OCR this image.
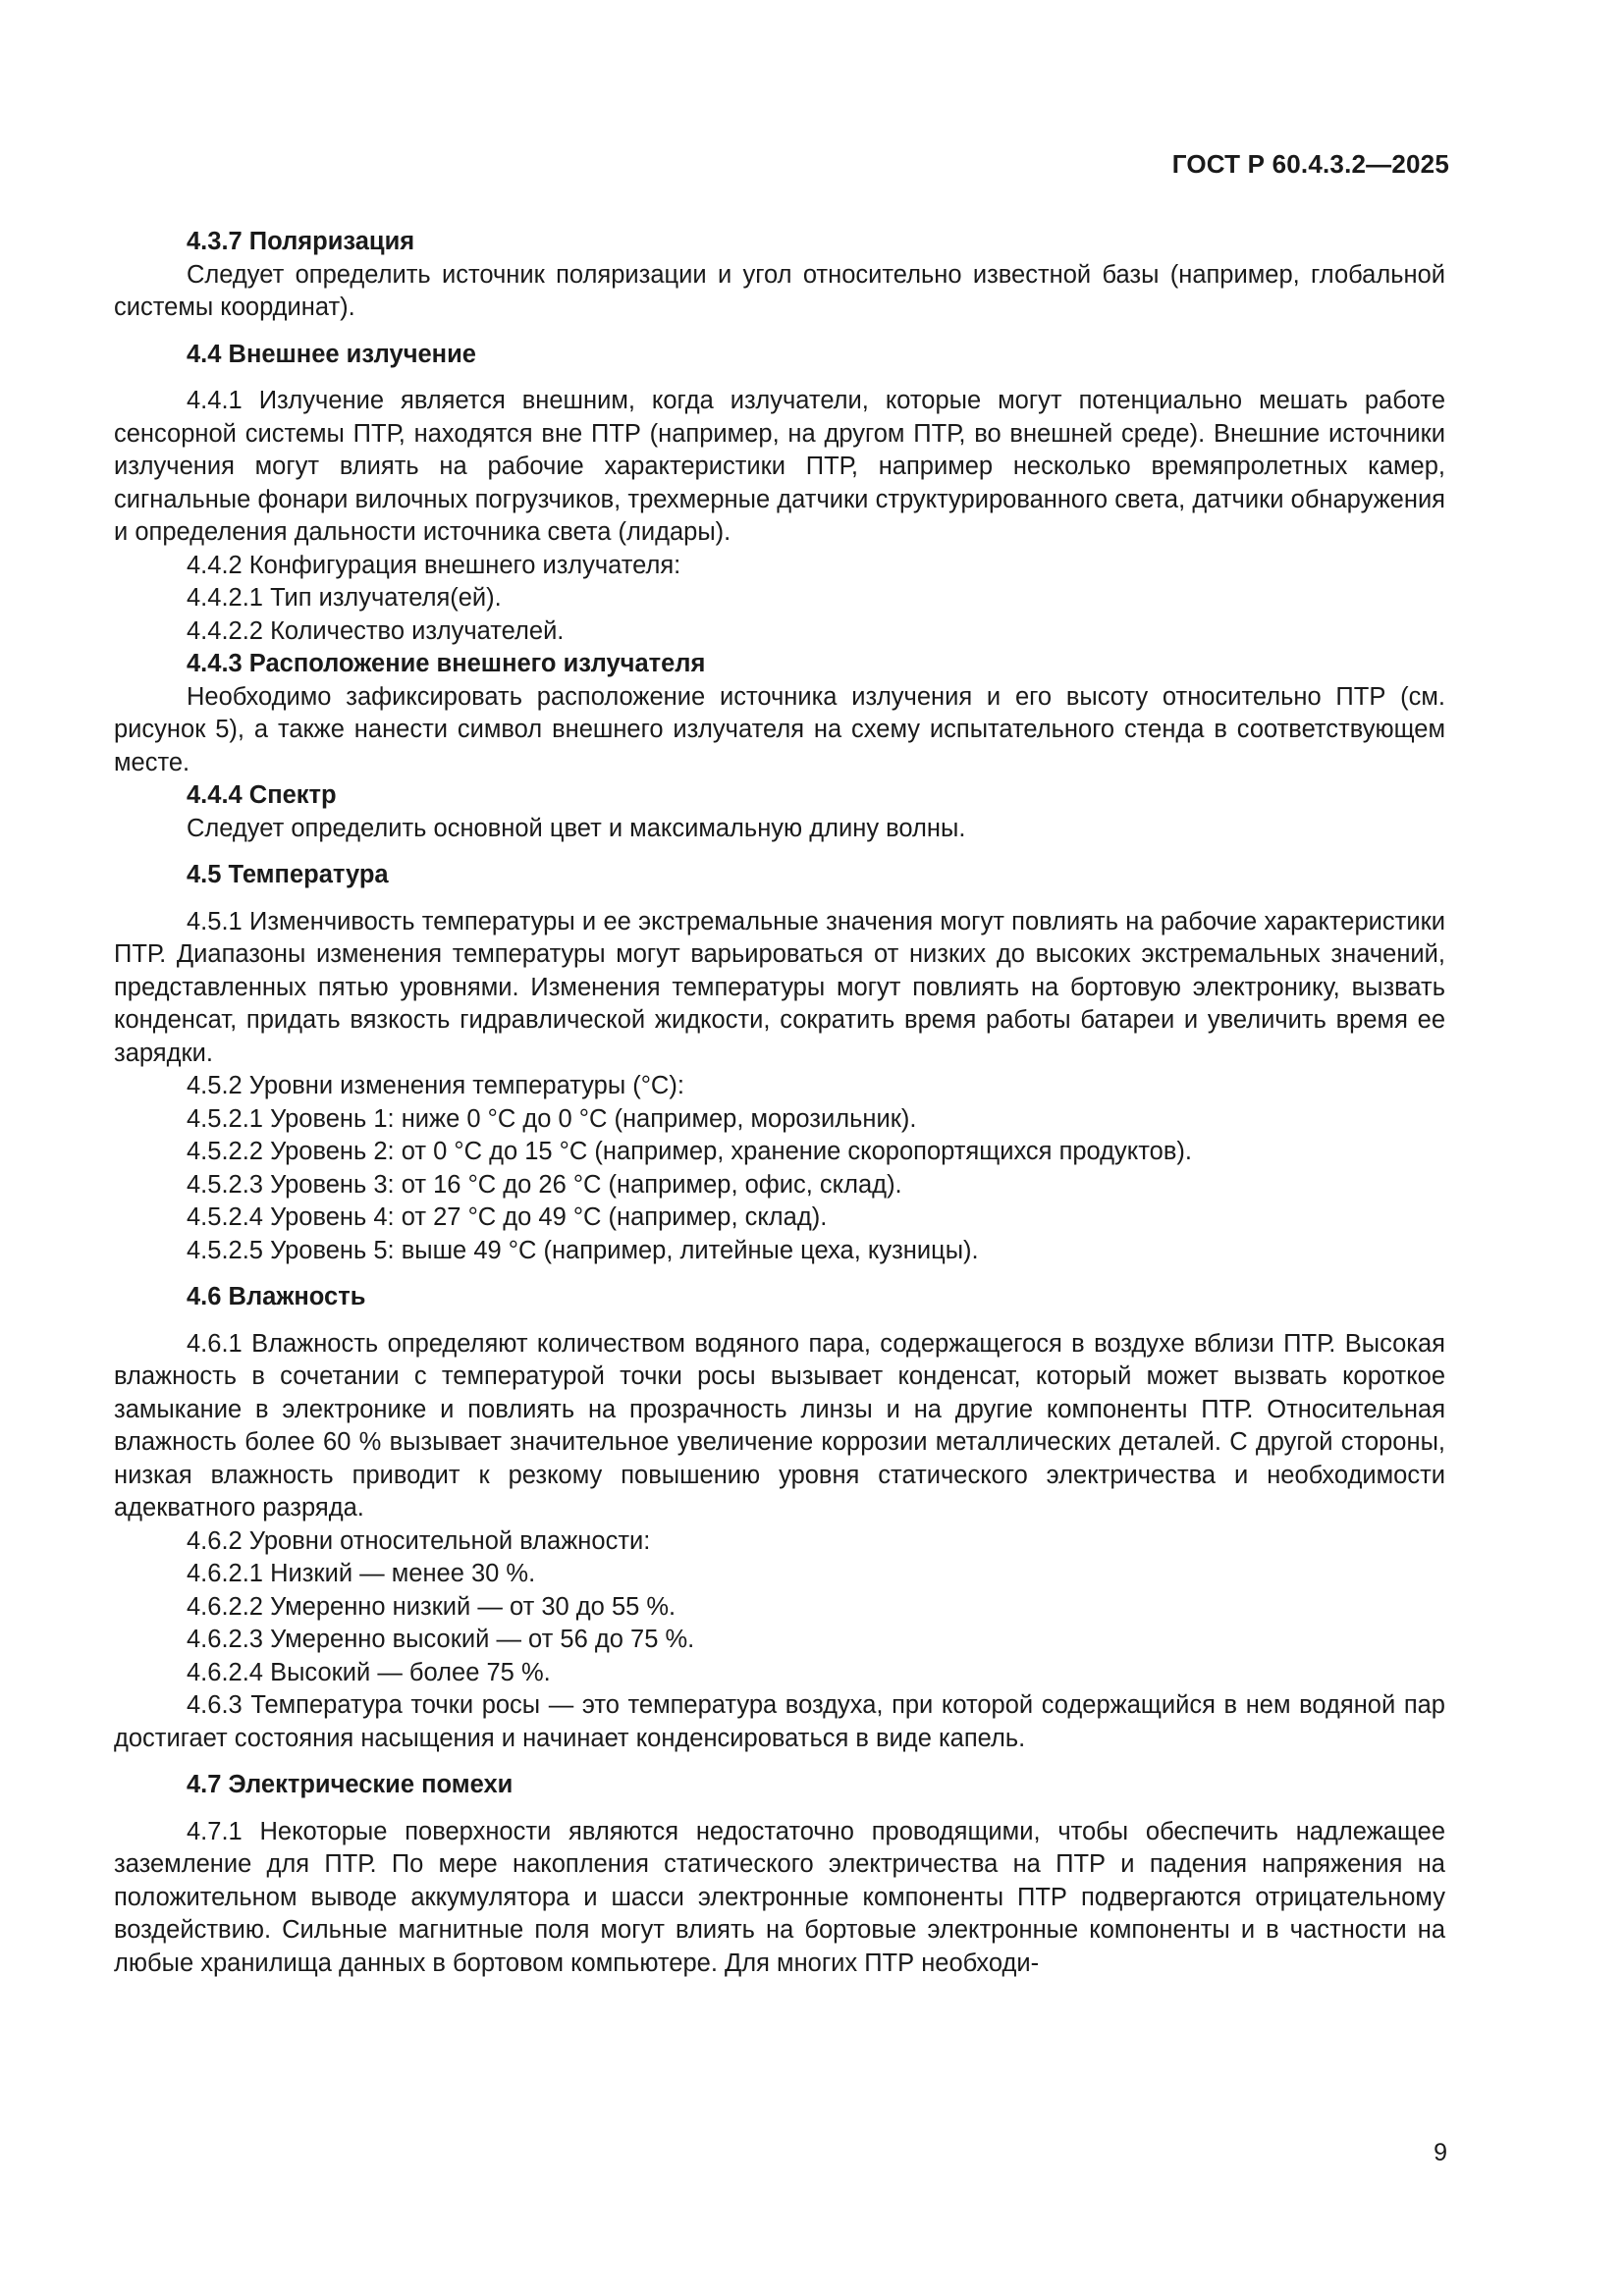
ГОСТ Р 60.4.3.2—2025
4.3.7 Поляризация
Следует определить источник поляризации и угол относительно известной базы (например, глобальной системы координат).
4.4 Внешнее излучение
4.4.1 Излучение является внешним, когда излучатели, которые могут потенциально мешать работе сенсорной системы ПТР, находятся вне ПТР (например, на другом ПТР, во внешней среде). Внешние источники излучения могут влиять на рабочие характеристики ПТР, например несколько времяпролетных камер, сигнальные фонари вилочных погрузчиков, трехмерные датчики структурированного света, датчики обнаружения и определения дальности источника света (лидары).
4.4.2 Конфигурация внешнего излучателя:
4.4.2.1 Тип излучателя(ей).
4.4.2.2 Количество излучателей.
4.4.3 Расположение внешнего излучателя
Необходимо зафиксировать расположение источника излучения и его высоту относительно ПТР (см. рисунок 5), а также нанести символ внешнего излучателя на схему испытательного стенда в соответствующем месте.
4.4.4 Спектр
Следует определить основной цвет и максимальную длину волны.
4.5 Температура
4.5.1 Изменчивость температуры и ее экстремальные значения могут повлиять на рабочие характеристики ПТР. Диапазоны изменения температуры могут варьироваться от низких до высоких экстремальных значений, представленных пятью уровнями. Изменения температуры могут повлиять на бортовую электронику, вызвать конденсат, придать вязкость гидравлической жидкости, сократить время работы батареи и увеличить время ее зарядки.
4.5.2 Уровни изменения температуры (°C):
4.5.2.1 Уровень 1: ниже 0 °C до 0 °C (например, морозильник).
4.5.2.2 Уровень 2: от 0 °C до 15 °C (например, хранение скоропортящихся продуктов).
4.5.2.3 Уровень 3: от 16 °C до 26 °C (например, офис, склад).
4.5.2.4 Уровень 4: от 27 °C до 49 °C (например, склад).
4.5.2.5 Уровень 5: выше 49 °C (например, литейные цеха, кузницы).
4.6 Влажность
4.6.1 Влажность определяют количеством водяного пара, содержащегося в воздухе вблизи ПТР. Высокая влажность в сочетании с температурой точки росы вызывает конденсат, который может вызвать короткое замыкание в электронике и повлиять на прозрачность линзы и на другие компоненты ПТР. Относительная влажность более 60 % вызывает значительное увеличение коррозии металлических деталей. С другой стороны, низкая влажность приводит к резкому повышению уровня статического электричества и необходимости адекватного разряда.
4.6.2 Уровни относительной влажности:
4.6.2.1 Низкий — менее 30 %.
4.6.2.2 Умеренно низкий — от 30 до 55 %.
4.6.2.3 Умеренно высокий — от 56 до 75 %.
4.6.2.4 Высокий — более 75 %.
4.6.3 Температура точки росы — это температура воздуха, при которой содержащийся в нем водяной пар достигает состояния насыщения и начинает конденсироваться в виде капель.
4.7 Электрические помехи
4.7.1 Некоторые поверхности являются недостаточно проводящими, чтобы обеспечить надлежащее заземление для ПТР. По мере накопления статического электричества на ПТР и падения напряжения на положительном выводе аккумулятора и шасси электронные компоненты ПТР подвергаются отрицательному воздействию. Сильные магнитные поля могут влиять на бортовые электронные компоненты и в частности на любые хранилища данных в бортовом компьютере. Для многих ПТР необходи-
9
